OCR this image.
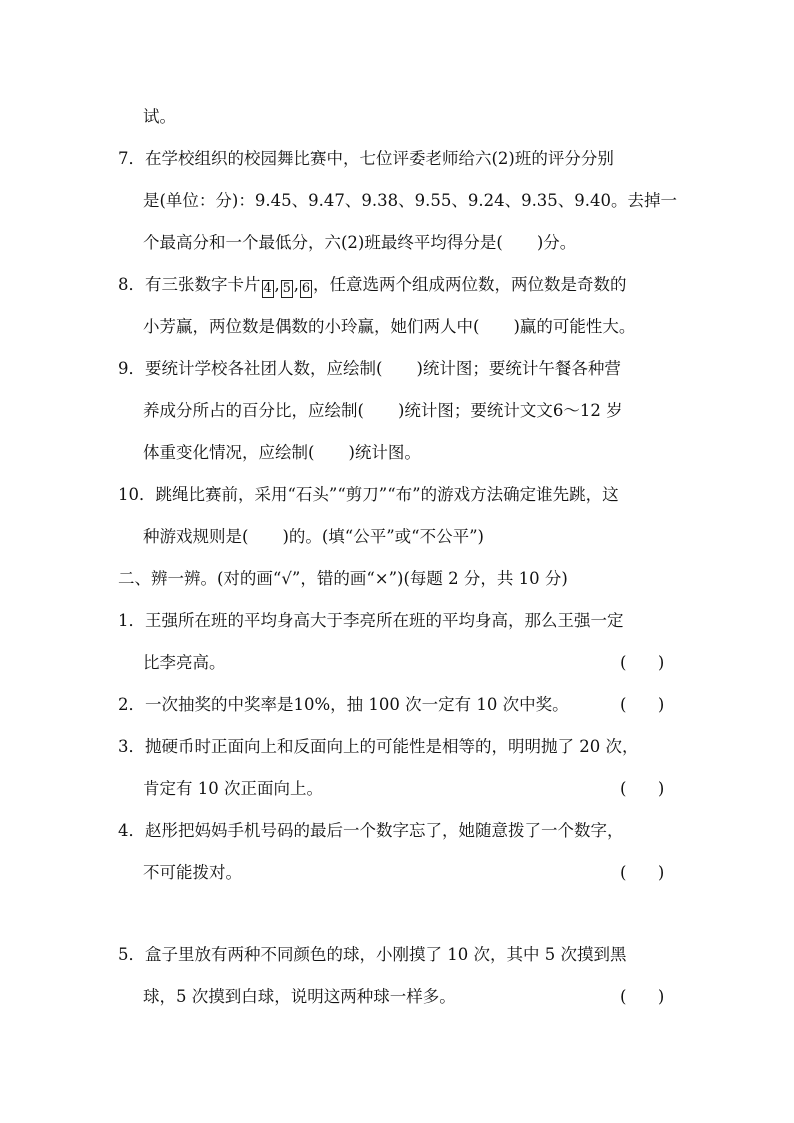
试。
7．在学校组织的校园舞比赛中，七位评委老师给六(2)班的评分分别
是(单位：分)：9.45、9.47、9.38、9.55、9.24、9.35、9.40。去掉一
个最高分和一个最低分，六(2)班最终平均得分是( )分。
8．有三张数字卡片 4 , 5 , 6 ，任意选两个组成两位数，两位数是奇数的
小芳赢，两位数是偶数的小玲赢，她们两人中( )赢的可能性大。
9．要统计学校各社团人数，应绘制( )统计图；要统计午餐各种营
养成分所占的百分比，应绘制( )统计图；要统计文文6～12 岁
体重变化情况，应绘制( )统计图。
10．跳绳比赛前，采用“石头”“剪刀”“布”的游戏方法确定谁先跳，这
种游戏规则是( )的。(填“公平”或“不公平”)
二、辨一辨。(对的画“√”，错的画“×”)(每题 2 分，共 10 分)
1．王强所在班的平均身高大于李亮所在班的平均身高，那么王强一定
比李亮高。	(      )
2．一次抽奖的中奖率是10%，抽 100 次一定有 10 次中奖。	(      )
3．抛硬币时正面向上和反面向上的可能性是相等的，明明抛了 20 次，
肯定有 10 次正面向上。	(      )
4．赵彤把妈妈手机号码的最后一个数字忘了，她随意拨了一个数字，
不可能拨对。	(      )
5．盒子里放有两种不同颜色的球，小刚摸了 10 次，其中 5 次摸到黑
球，5 次摸到白球，说明这两种球一样多。	(      )
